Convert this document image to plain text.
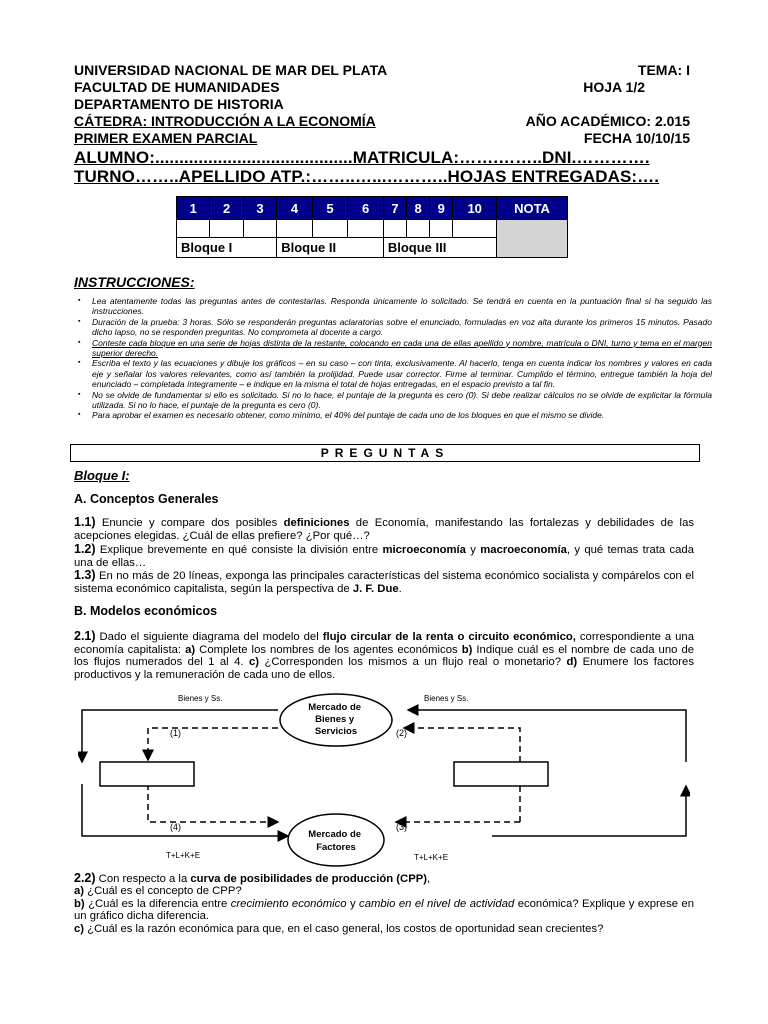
UNIVERSIDAD NACIONAL DE MAR DEL PLATA	TEMA: I
FACULTAD DE HUMANIDADES	HOJA 1/2
DEPARTAMENTO DE HISTORIA
CÁTEDRA: INTRODUCCIÓN A LA ECONOMÍA	AÑO ACADÉMICO: 2.015
PRIMER EXAMEN PARCIAL	FECHA 10/10/15
ALUMNO:.........................................MATRICULA:…….……..DNI.………….
TURNO……..APELLIDO ATP.:……..…...………..HOJAS ENTREGADAS:….
1	2	3	4	5	6	7	8	9	10	NOTA

Bloque I			Bloque II			Bloque III				
INSTRUCCIONES:
▪ Lea atentamente todas las preguntas antes de contestarlas. Responda únicamente lo solicitado. Se tendrá en cuenta en la puntuación final si ha seguido las instrucciones.
▪ Duración de la prueba: 3 horas. Sólo se responderán preguntas aclaratorias sobre el enunciado, formuladas en voz alta durante los primeros 15 minutos. Pasado dicho lapso, no se responden preguntas. No comprometa al docente a cargo.
▪ Conteste cada bloque en una serie de hojas distinta de la restante, colocando en cada una de ellas apellido y nombre, matrícula o DNI, turno y tema en el margen superior derecho.
▪ Escriba el texto y las ecuaciones y dibuje los gráficos – en su caso – con tinta, exclusivamente. Al hacerlo, tenga en cuenta indicar los nombres y valores en cada eje y señalar los valores relevantes, como así también la prolijidad. Puede usar corrector. Firme al terminar. Cumplido el término, entregue también la hoja del enunciado – completada íntegramente – e indique en la misma el total de hojas entregadas, en el espacio previsto a tal fin.
▪ No se olvide de fundamentar si ello es solicitado. Si no lo hace, el puntaje de la pregunta es cero (0). Si debe realizar cálculos no se olvide de explicitar la fórmula utilizada. Si no lo hace, el puntaje de la pregunta es cero (0).
▪ Para aprobar el examen es necesario obtener, como mínimo, el 40% del puntaje de cada uno de los bloques en que el mismo se divide.
PREGUNTAS
Bloque I:
A. Conceptos Generales
1.1) Enuncie y compare dos posibles definiciones de Economía, manifestando las fortalezas y debilidades de las acepciones elegidas. ¿Cuál de ellas prefiere? ¿Por qué…?
1.2) Explique brevemente en qué consiste la división entre microeconomía y macroeconomía, y qué temas trata cada una de ellas…
1.3) En no más de 20 líneas, exponga las principales características del sistema económico socialista y compárelos con el sistema económico capitalista, según la perspectiva de J. F. Due.
B. Modelos económicos
2.1) Dado el siguiente diagrama del modelo del flujo circular de la renta o circuito económico, correspondiente a una economía capitalista: a) Complete los nombres de los agentes económicos b) Indique cuál es el nombre de cada uno de los flujos numerados del 1 al 4. c) ¿Corresponden los mismos a un flujo real o monetario? d) Enumere los factores productivos y la remuneración de cada uno de ellos.
Mercado de Bienes y Servicios
Mercado de Factores
Bienes y Ss.	Bienes y Ss.
T+L+K+E	T+L+K+E
(1)	(2)
(3)
(4)
2.2) Con respecto a la curva de posibilidades de producción (CPP),
a) ¿Cuál es el concepto de CPP?
b) ¿Cuál es la diferencia entre crecimiento económico y cambio en el nivel de actividad económica? Explique y exprese en un gráfico dicha diferencia.
c) ¿Cuál es la razón económica para que, en el caso general, los costos de oportunidad sean crecientes?
